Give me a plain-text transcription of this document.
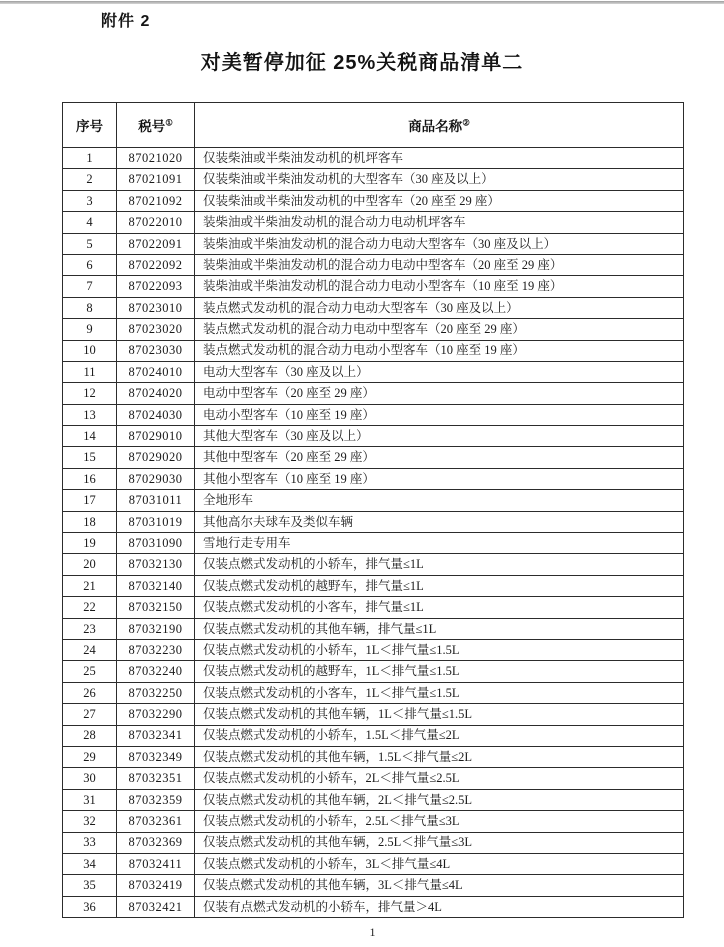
附件 2
对美暂停加征 25%关税商品清单二
序号	税号①	商品名称②
1	87021020	仅装柴油或半柴油发动机的机坪客车
2	87021091	仅装柴油或半柴油发动机的大型客车（30 座及以上）
3	87021092	仅装柴油或半柴油发动机的中型客车（20 座至 29 座）
4	87022010	装柴油或半柴油发动机的混合动力电动机坪客车
5	87022091	装柴油或半柴油发动机的混合动力电动大型客车（30 座及以上）
6	87022092	装柴油或半柴油发动机的混合动力电动中型客车（20 座至 29 座）
7	87022093	装柴油或半柴油发动机的混合动力电动小型客车（10 座至 19 座）
8	87023010	装点燃式发动机的混合动力电动大型客车（30 座及以上）
9	87023020	装点燃式发动机的混合动力电动中型客车（20 座至 29 座）
10	87023030	装点燃式发动机的混合动力电动小型客车（10 座至 19 座）
11	87024010	电动大型客车（30 座及以上）
12	87024020	电动中型客车（20 座至 29 座）
13	87024030	电动小型客车（10 座至 19 座）
14	87029010	其他大型客车（30 座及以上）
15	87029020	其他中型客车（20 座至 29 座）
16	87029030	其他小型客车（10 座至 19 座）
17	87031011	全地形车
18	87031019	其他高尔夫球车及类似车辆
19	87031090	雪地行走专用车
20	87032130	仅装点燃式发动机的小轿车，排气量≤1L
21	87032140	仅装点燃式发动机的越野车，排气量≤1L
22	87032150	仅装点燃式发动机的小客车，排气量≤1L
23	87032190	仅装点燃式发动机的其他车辆，排气量≤1L
24	87032230	仅装点燃式发动机的小轿车，1L＜排气量≤1.5L
25	87032240	仅装点燃式发动机的越野车，1L＜排气量≤1.5L
26	87032250	仅装点燃式发动机的小客车，1L＜排气量≤1.5L
27	87032290	仅装点燃式发动机的其他车辆，1L＜排气量≤1.5L
28	87032341	仅装点燃式发动机的小轿车，1.5L＜排气量≤2L
29	87032349	仅装点燃式发动机的其他车辆，1.5L＜排气量≤2L
30	87032351	仅装点燃式发动机的小轿车，2L＜排气量≤2.5L
31	87032359	仅装点燃式发动机的其他车辆，2L＜排气量≤2.5L
32	87032361	仅装点燃式发动机的小轿车，2.5L＜排气量≤3L
33	87032369	仅装点燃式发动机的其他车辆，2.5L＜排气量≤3L
34	87032411	仅装点燃式发动机的小轿车，3L＜排气量≤4L
35	87032419	仅装点燃式发动机的其他车辆，3L＜排气量≤4L
36	87032421	仅装有点燃式发动机的小轿车，排气量＞4L
1
